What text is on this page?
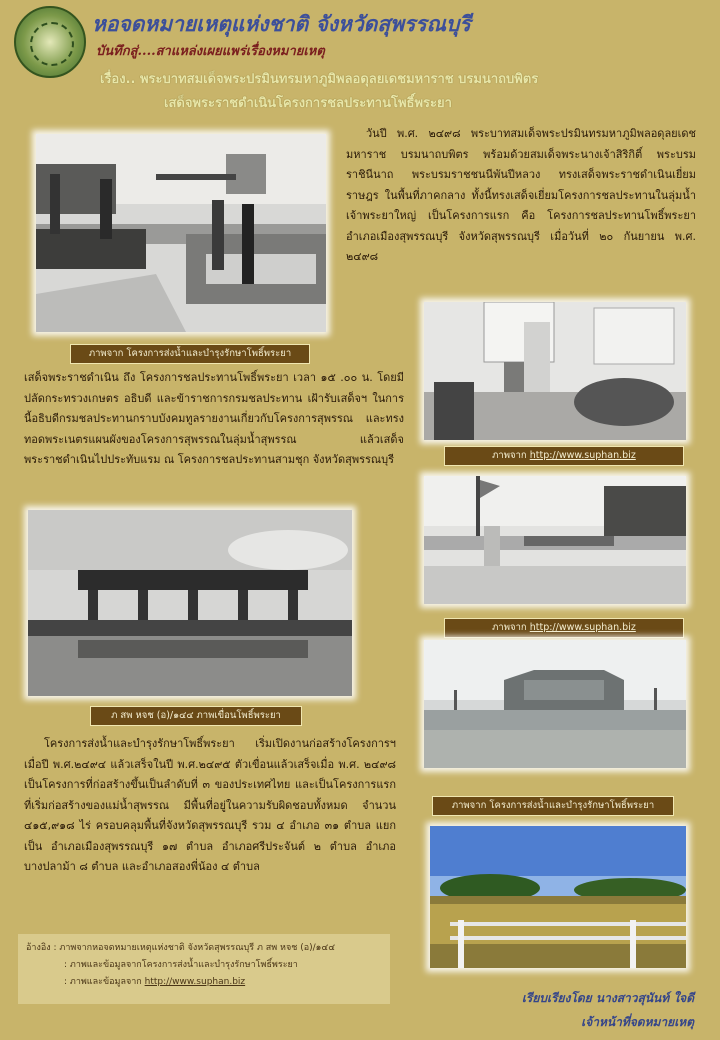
หอจดหมายเหตุแห่งชาติ จังหวัดสุพรรณบุรี
บันทึกสู่....สาแหล่งเผยแพร่เรื่องหมายเหตุ
เรื่อง.. พระบาทสมเด็จพระปรมินทรมหาภูมิพลอดุลยเดชมหาราช บรมนาถบพิตร
เสด็จพระราชดำเนินโครงการชลประทานโพธิ์พระยา
ภาพจาก โครงการส่งน้ำและบำรุงรักษาโพธิ์พระยา
วันปี พ.ศ. ๒๔๙๘ พระบาทสมเด็จพระปรมินทรมหาภูมิพลอดุลยเดชมหาราช บรมนาถบพิตร พร้อมด้วยสมเด็จพระนางเจ้าสิริกิติ์ พระบรมราชินีนาถ พระบรมราชชนนีพันปีหลวง ทรงเสด็จพระราชดำเนินเยี่ยมราษฎร ในพื้นที่ภาคกลาง ทั้งนี้ทรงเสด็จเยี่ยมโครงการชลประทานในลุ่มน้ำเจ้าพระยาใหญ่ เป็นโครงการแรก คือ โครงการชลประทานโพธิ์พระยา อำเภอเมืองสุพรรณบุรี จังหวัดสุพรรณบุรี เมื่อวันที่ ๒๐ กันยายน พ.ศ. ๒๔๙๘
ภาพจาก http://www.suphan.biz
เสด็จพระราชดำเนิน ถึง โครงการชลประทานโพธิ์พระยา เวลา ๑๕ .๐๐ น. โดยมีปลัดกระทรวงเกษตร อธิบดี และข้าราชการกรมชลประทาน เฝ้ารับเสด็จฯ ในการนี้อธิบดีกรมชลประทานกราบบังคมทูลรายงานเกี่ยวกับโครงการสุพรรณ และทรงทอดพระเนตรแผนผังของโครงการสุพรรณในลุ่มน้ำสุพรรณ แล้วเสด็จพระราชดำเนินไปประทับแรม ณ โครงการชลประทานสามชุก จังหวัดสุพรรณบุรี
ภ สพ หจช (อ)/๑๔๔ ภาพเขื่อนโพธิ์พระยา
ภาพจาก http://www.suphan.biz
ภาพจาก โครงการส่งน้ำและบำรุงรักษาโพธิ์พระยา
โครงการส่งน้ำและบำรุงรักษาโพธิ์พระยา เริ่มเปิดงานก่อสร้างโครงการฯ เมื่อปี พ.ศ.๒๔๙๔ แล้วเสร็จในปี พ.ศ.๒๔๙๕ ตัวเขื่อนแล้วเสร็จเมื่อ พ.ศ. ๒๔๙๘ เป็นโครงการที่ก่อสร้างขึ้นเป็นลำดับที่ ๓ ของประเทศไทย และเป็นโครงการแรกที่เริ่มก่อสร้างของแม่น้ำสุพรรณ มีพื้นที่อยู่ในความรับผิดชอบทั้งหมด จำนวน ๔๑๕,๙๑๘ ไร่ ครอบคลุมพื้นที่จังหวัดสุพรรณบุรี รวม ๔ อำเภอ ๓๑ ตำบล แยกเป็น อำเภอเมืองสุพรรณบุรี ๑๗ ตำบล อำเภอศรีประจันต์ ๒ ตำบล อำเภอบางปลาม้า ๘ ตำบล และอำเภอสองพี่น้อง ๔ ตำบล
อ้างอิง : ภาพจากหอจดหมายเหตุแห่งชาติ จังหวัดสุพรรณบุรี ภ สพ หจช (อ)/๑๔๔
: ภาพและข้อมูลจากโครงการส่งน้ำและบำรุงรักษาโพธิ์พระยา
: ภาพและข้อมูลจาก http://www.suphan.biz
เรียบเรียงโดย นางสาวสุนันท์ ใจดี
เจ้าหน้าที่จดหมายเหตุ
